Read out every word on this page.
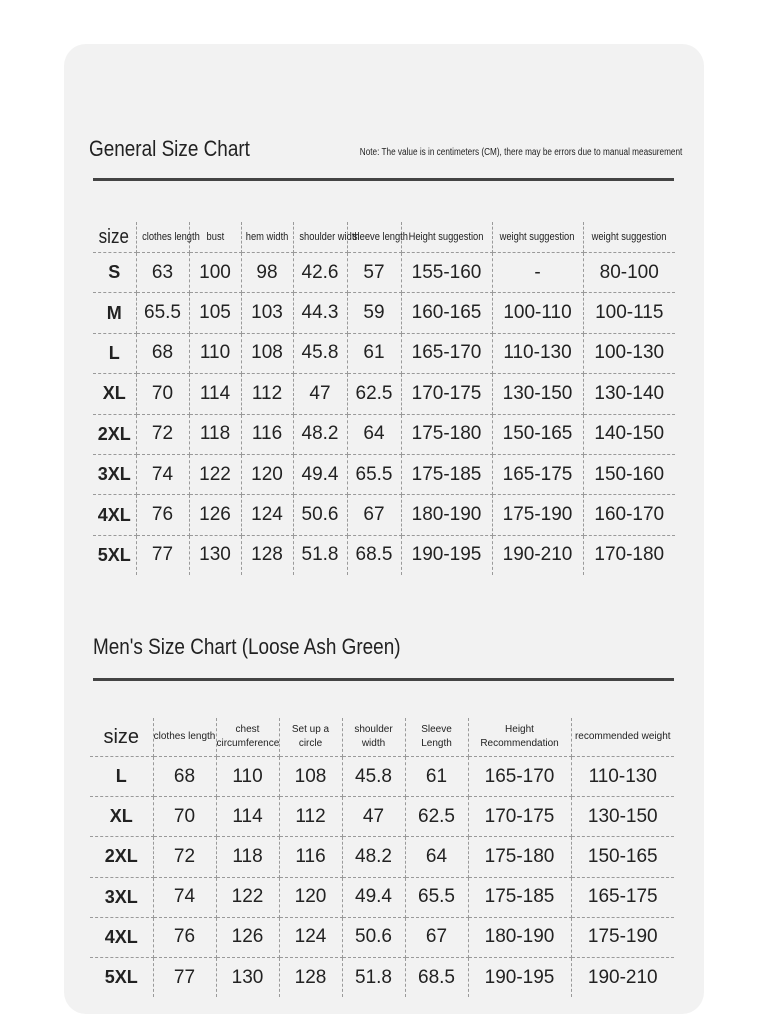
General Size Chart	Note: The value is in centimeters (CM), there may be errors due to manual measurement
size	clothes length	bust	hem width	shoulder width	sleeve length	Height suggestion	weight suggestion	weight suggestion
S	63	100	98	42.6	57	155-160	-	80-100
M	65.5	105	103	44.3	59	160-165	100-110	100-115
L	68	110	108	45.8	61	165-170	110-130	100-130
XL	70	114	112	47	62.5	170-175	130-150	130-140
2XL	72	118	116	48.2	64	175-180	150-165	140-150
3XL	74	122	120	49.4	65.5	175-185	165-175	150-160
4XL	76	126	124	50.6	67	180-190	175-190	160-170
5XL	77	130	128	51.8	68.5	190-195	190-210	170-180
Men's Size Chart (Loose Ash Green)
size	clothes length	chest circumference	Set up a circle	shoulder width	Sleeve Length	Height Recommendation	recommended weight
L	68	110	108	45.8	61	165-170	110-130
XL	70	114	112	47	62.5	170-175	130-150
2XL	72	118	116	48.2	64	175-180	150-165
3XL	74	122	120	49.4	65.5	175-185	165-175
4XL	76	126	124	50.6	67	180-190	175-190
5XL	77	130	128	51.8	68.5	190-195	190-210
